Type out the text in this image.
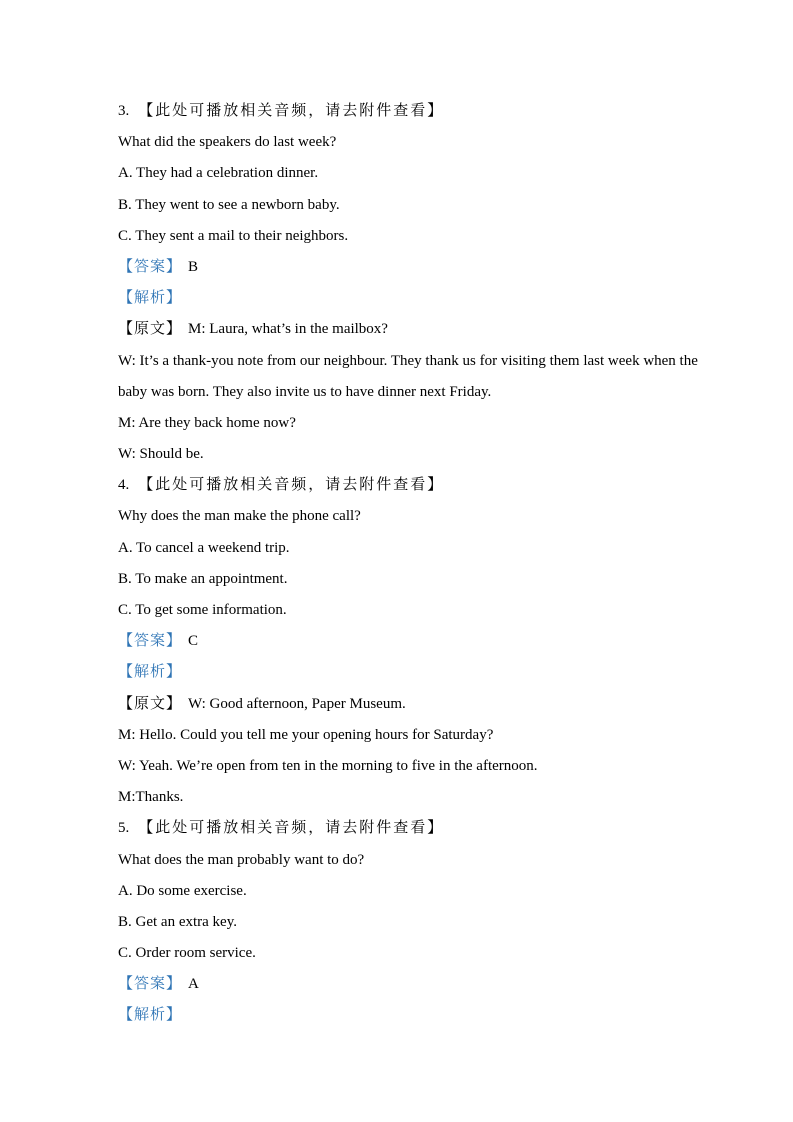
3. 【此处可播放相关音频，请去附件查看】
What did the speakers do last week?
A. They had a celebration dinner.
B. They went to see a newborn baby.
C. They sent a mail to their neighbors.
【答案】 B
【解析】
【原文】 M: Laura, what’s in the mailbox?
W: It’s a thank-you note from our neighbour. They thank us for visiting them last week when the
baby was born. They also invite us to have dinner next Friday.
M: Are they back home now?
W: Should be.
4. 【此处可播放相关音频，请去附件查看】
Why does the man make the phone call?
A. To cancel a weekend trip.
B. To make an appointment.
C. To get some information.
【答案】 C
【解析】
【原文】 W: Good afternoon, Paper Museum.
M: Hello. Could you tell me your opening hours for Saturday?
W: Yeah. We’re open from ten in the morning to five in the afternoon.
M:Thanks.
5. 【此处可播放相关音频，请去附件查看】
What does the man probably want to do?
A. Do some exercise.
B. Get an extra key.
C. Order room service.
【答案】 A
【解析】
